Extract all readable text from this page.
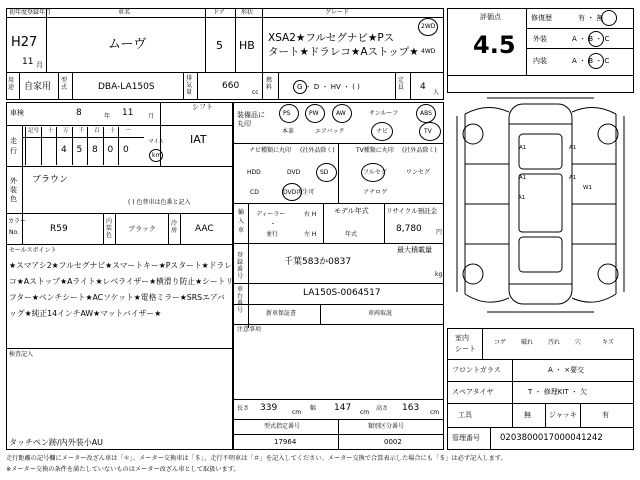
初年度登録年月
H27
11 月
車名
ムーヴ
ドア
5
形状
HB
グレード
XSA2★フルセグナビ★Pス
タート★ドラレコ★Aストップ★
2WD
4WD
用途 自家用
型式	DBA-LA150S
排気量
660
cc
燃料	G ・ D ・ HV ・ ( )
定員 4
人
車検	8	年 11 月
走
行
記号 十 万 千 百 十 一
4 5 8 0 0
マイル
km
シフト
IAT
外
装
色
ブラウン
( ) 色替車は色番と記入
カラー
No.	R59
内装色
ブラック
冷房 AAC
セールスポイント
★スマアシ2★フルセグナビ★スマートキー★Pスタート★ドラレ
コ★Aストップ★Aライト★レベライザー★横滑り防止★シートリ
フター★ベンチシート★ACソケット★電格ミラー★SRSエアバ
ッグ★純正14インチAW★マットバイザー★
検査記入
タッチペン跡/内外装小AU
装備品に
丸印
PS	PW	AW	サンルーフ	ABS
本革	エアバック	ナビ	TV
ナビ種類に丸印 (社外品除く)
HDD	DVD	SD
CD	DVD再生可
TV種類に丸印 (社外品除く)
フルセグ	ワンセグ
アナログ
輸
入
車
ディーラー
並行
・
右 H
左 H
モデル年式
年式
リサイクル預託金
8,780 円
登録番号
最大積載量
kg
千葉583か0837
車台番号
LA150S-0064517
新車保証書	車両取説
注意事項
長さ 339 cm
幅 147 cm
高さ 163 cm
型式指定番号
17964
類別区分番号
0002
評価点
4.5
修復歴	有 ・ 無
外装	A ・ B ・ C
内装	A ・ B ・ C
A1
A1
A1
A1
W1
A1
室内
シート
コゲ 破れ 汚れ 穴	キズ
フロントガラス	A ・ ×要交
スペアタイヤ	T ・ 修理KIT ・ 欠
工具	無	ジャッキ	有
管理番号 0203800017000041242
走行距離の記号欄にメーター改ざん車は「＊」、メーター交換車は「＄」、走行不明車は「＃」を記入してください。メーター交換で合算表示した場合にも「＄」は必ず記入します。
※メーター交換の条件を満たしていないものはメーター改ざん車として取扱います。
